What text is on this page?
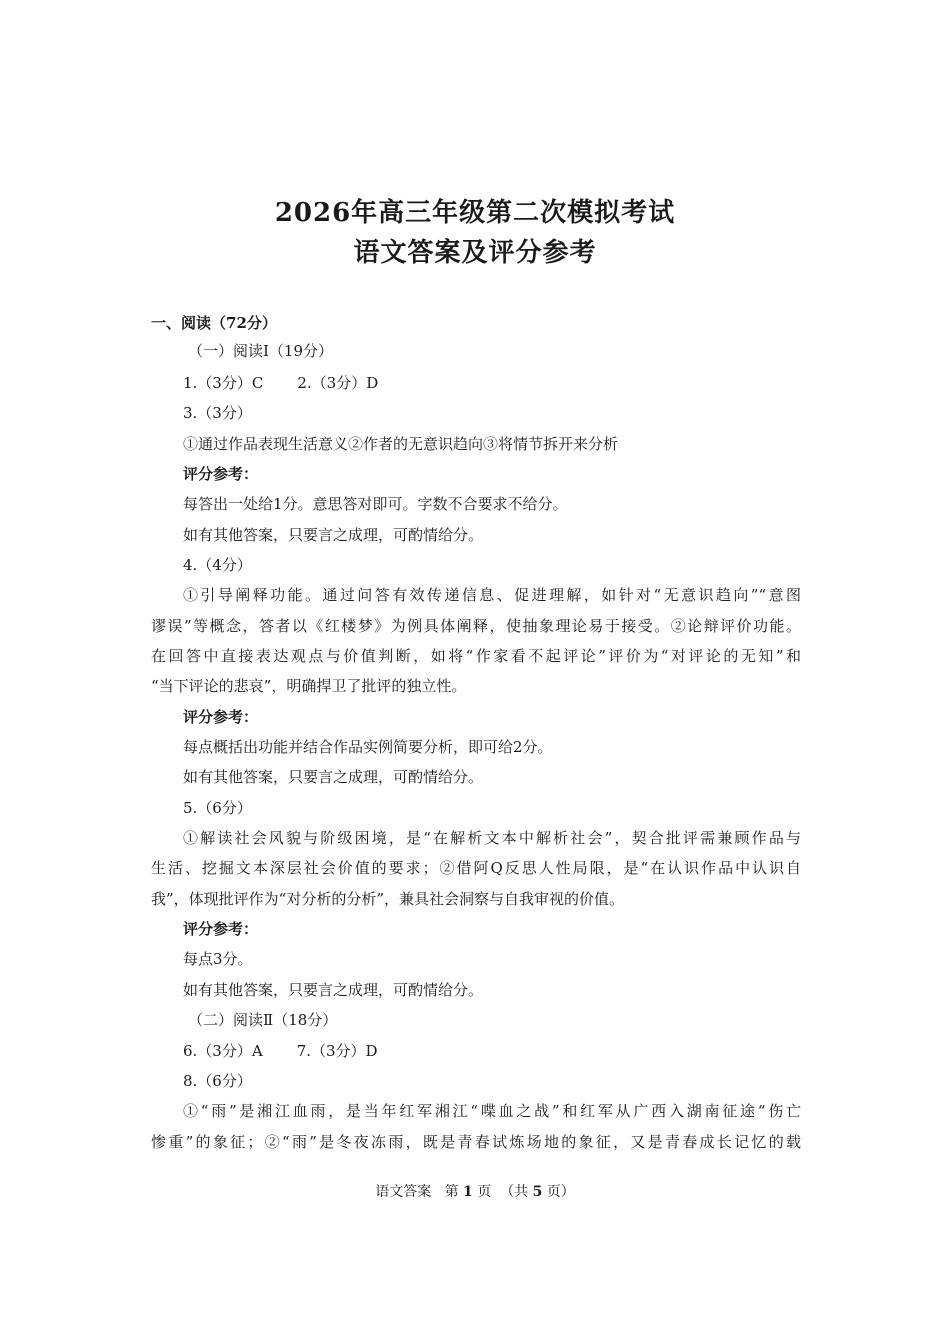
2026年高三年级第二次模拟考试
语文答案及评分参考
一、阅读（72分）
（一）阅读Ⅰ（19分）
1.（3分）C 2.（3分）D
3.（3分）
①通过作品表现生活意义②作者的无意识趋向③将情节拆开来分析
评分参考：
每答出一处给1分。意思答对即可。字数不合要求不给分。
如有其他答案，只要言之成理，可酌情给分。
4.（4分）
①引导阐释功能。通过问答有效传递信息、促进理解，如针对“无意识趋向”“意图
谬误”等概念，答者以《红楼梦》为例具体阐释，使抽象理论易于接受。②论辩评价功能。
在回答中直接表达观点与价值判断，如将“作家看不起评论”评价为“对评论的无知”和
“当下评论的悲哀”，明确捍卫了批评的独立性。
评分参考：
每点概括出功能并结合作品实例简要分析，即可给2分。
如有其他答案，只要言之成理，可酌情给分。
5.（6分）
①解读社会风貌与阶级困境，是“在解析文本中解析社会”，契合批评需兼顾作品与
生活、挖掘文本深层社会价值的要求；②借阿Q反思人性局限，是“在认识作品中认识自
我”，体现批评作为“对分析的分析”，兼具社会洞察与自我审视的价值。
评分参考：
每点3分。
如有其他答案，只要言之成理，可酌情给分。
（二）阅读Ⅱ（18分）
6.（3分）A 7.（3分）D
8.（6分）
①“雨”是湘江血雨，是当年红军湘江“喋血之战”和红军从广西入湖南征途“伤亡
惨重”的象征；②“雨”是冬夜冻雨，既是青春试炼场地的象征，又是青春成长记忆的载
语文答案 第 1 页 （共 5 页）
